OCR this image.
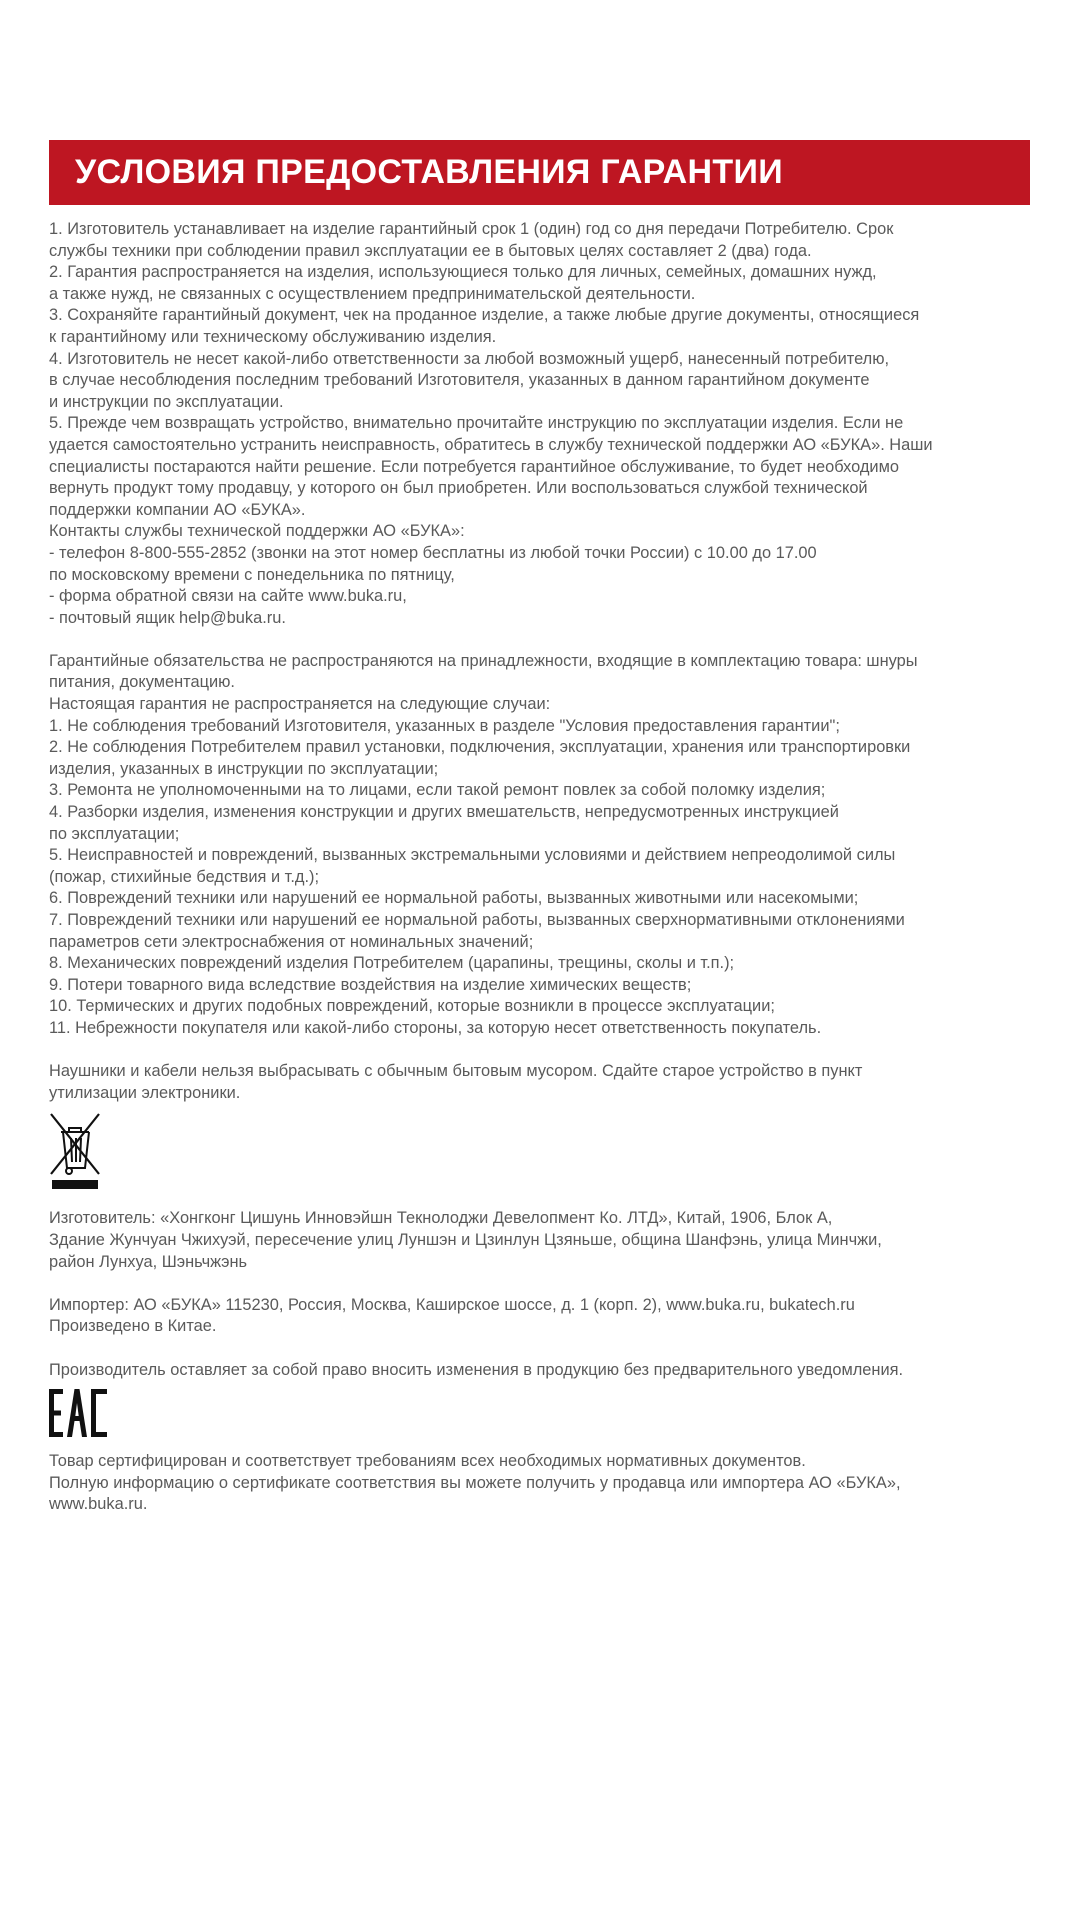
УСЛОВИЯ ПРЕДОСТАВЛЕНИЯ ГАРАНТИИ
1. Изготовитель устанавливает на изделие гарантийный срок 1 (один) год со дня передачи Потребителю. Срок
службы техники при соблюдении правил эксплуатации ее в бытовых целях составляет 2 (два) года.
2. Гарантия распространяется на изделия, использующиеся только для личных, семейных, домашних нужд,
а также нужд, не связанных с осуществлением предпринимательской деятельности.
3. Сохраняйте гарантийный документ, чек на проданное изделие, а также любые другие документы, относящиеся
к гарантийному или техническому обслуживанию изделия.
4. Изготовитель не несет какой-либо ответственности за любой возможный ущерб, нанесенный потребителю,
в случае несоблюдения последним требований Изготовителя, указанных в данном гарантийном документе
и инструкции по эксплуатации.
5. Прежде чем возвращать устройство, внимательно прочитайте инструкцию по эксплуатации изделия. Если не
удается самостоятельно устранить неисправность, обратитесь в службу технической поддержки АО «БУКА». Наши
специалисты постараются найти решение. Если потребуется гарантийное обслуживание, то будет необходимо
вернуть продукт тому продавцу, у которого он был приобретен. Или воспользоваться службой технической
поддержки компании АО «БУКА».
Контакты службы технической поддержки АО «БУКА»:
- телефон 8-800-555-2852 (звонки на этот номер бесплатны из любой точки России) с 10.00 до 17.00
по московскому времени с понедельника по пятницу,
- форма обратной связи на сайте www.buka.ru,
- почтовый ящик help@buka.ru.
Гарантийные обязательства не распространяются на принадлежности, входящие в комплектацию товара: шнуры
питания, документацию.
Настоящая гарантия не распространяется на следующие случаи:
1. Не соблюдения требований Изготовителя, указанных в разделе "Условия предоставления гарантии";
2. Не соблюдения Потребителем правил установки, подключения, эксплуатации, хранения или транспортировки
изделия, указанных в инструкции по эксплуатации;
3. Ремонта не уполномоченными на то лицами, если такой ремонт повлек за собой поломку изделия;
4. Разборки изделия, изменения конструкции и других вмешательств, непредусмотренных инструкцией
по эксплуатации;
5. Неисправностей и повреждений, вызванных экстремальными условиями и действием непреодолимой силы
(пожар, стихийные бедствия и т.д.);
6. Повреждений техники или нарушений ее нормальной работы, вызванных животными или насекомыми;
7. Повреждений техники или нарушений ее нормальной работы, вызванных сверхнормативными отклонениями
параметров сети электроснабжения от номинальных значений;
8. Механических повреждений изделия Потребителем (царапины, трещины, сколы и т.п.);
9. Потери товарного вида вследствие воздействия на изделие химических веществ;
10. Термических и других подобных повреждений, которые возникли в процессе эксплуатации;
11. Небрежности покупателя или какой-либо стороны, за которую несет ответственность покупатель.
Наушники и кабели нельзя выбрасывать с обычным бытовым мусором. Сдайте старое устройство в пункт
утилизации электроники.
Изготовитель: «Хонгконг Цишунь Инновэйшн Текнолоджи Девелопмент Ко. ЛТД», Китай, 1906, Блок А,
Здание Жунчуан Чжихуэй, пересечение улиц Луншэн и Цзинлун Цзяньше, община Шанфэнь, улица Минчжи,
район Лунхуа, Шэньчжэнь
Импортер: АО «БУКА» 115230, Россия, Москва, Каширское шоссе, д. 1 (корп. 2), www.buka.ru, bukatech.ru
Произведено в Китае.
Производитель оставляет за собой право вносить изменения в продукцию без предварительного уведомления.
Товар сертифицирован и соответствует требованиям всех необходимых нормативных документов.
Полную информацию о сертификате соответствия вы можете получить у продавца или импортера АО «БУКА»,
www.buka.ru.
